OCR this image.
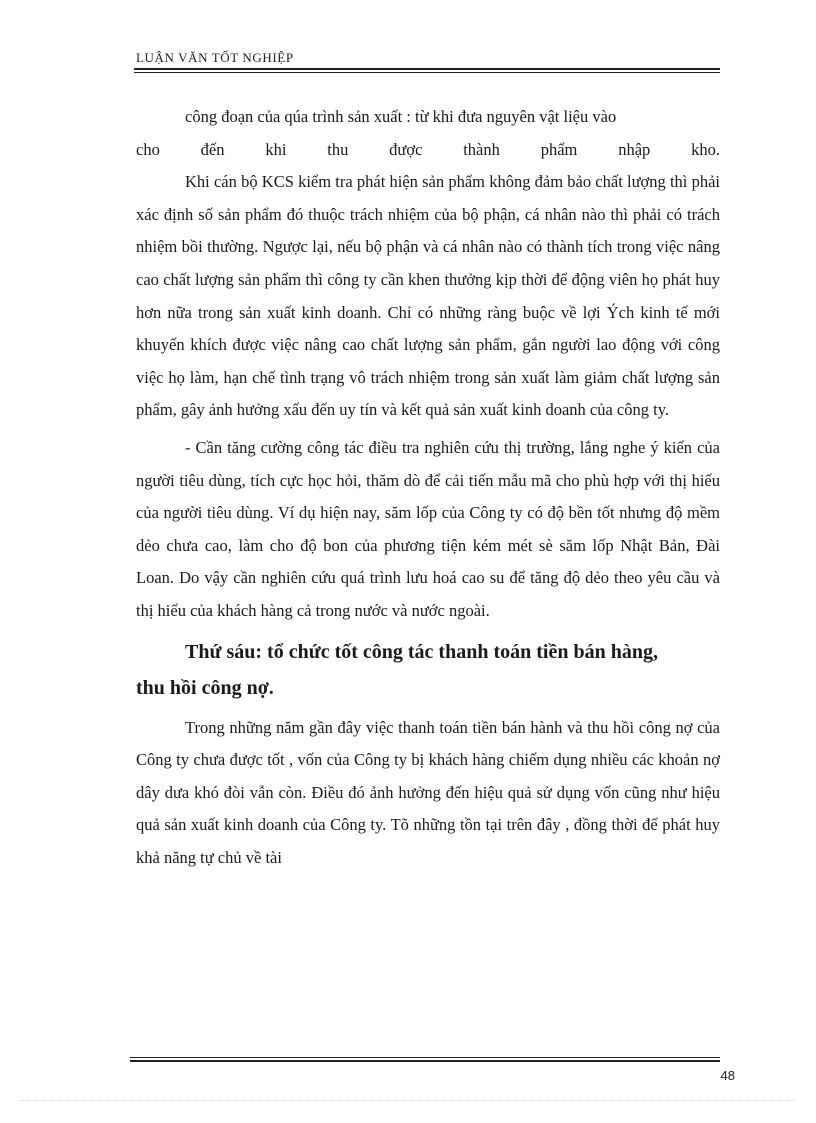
LUẬN VĂN TỐT NGHIỆP

công đoạn của qúa trình sản xuất : từ khi đưa nguyên vật liệu vào

cho đến khi thu được thành phẩm nhập kho.

Khi cán bộ KCS kiểm tra phát hiện sản phẩm không đảm bảo chất lượng thì phải xác định số sản phẩm đó thuộc trách nhiệm của bộ phận, cá nhân nào thì phải có trách nhiệm bồi thường. Ngược lại, nếu bộ phận và cá nhân nào có thành tích trong việc nâng cao chất lượng sản phẩm thì công ty cần khen thưởng kịp thời để động viên họ phát huy hơn nữa trong sản xuất kinh doanh. Chỉ có những ràng buộc về lợi Ých kinh tế mới khuyến khích được việc nâng cao chất lượng sản phẩm, gắn người lao động với công việc họ làm, hạn chế tình trạng vô trách nhiệm trong sản xuất làm giảm chất lượng sản phẩm, gây ảnh hưởng xấu đến uy tín và kết quả sản xuất kinh doanh của công ty.

- Cần tăng cường công tác điều tra nghiên cứu thị trường, lắng nghe ý kiến của người tiêu dùng, tích cực học hỏi, thăm dò để cải tiến mẫu mã cho phù hợp với thị hiếu của người tiêu dùng. Ví dụ hiện nay, săm lốp của Công ty có độ bền tốt nhưng độ mềm dẻo chưa cao, làm cho độ bon của phương tiện kém mét sè săm lốp Nhật Bản, Đài Loan. Do vậy cần nghiên cứu quá trình lưu hoá cao su để tăng độ dẻo theo yêu cầu và thị hiếu của khách hàng cả trong nước và nước ngoài.

Thứ sáu: tổ chức tốt công tác thanh toán tiền bán hàng,
thu hồi công nợ.

Trong những năm gần đây việc thanh toán tiền bán hành và thu hồi công nợ của Công ty chưa được tốt , vốn của Công ty bị khách hàng chiếm dụng nhiều các khoản nợ dây dưa khó đòi vẫn còn. Điều đó ảnh hưởng đến hiệu quả sử dụng vốn cũng như hiệu quả sản xuất kinh doanh của Công ty. Tõ những tồn tại trên đây , đồng thời để phát huy khả năng tự chủ về tài

48
